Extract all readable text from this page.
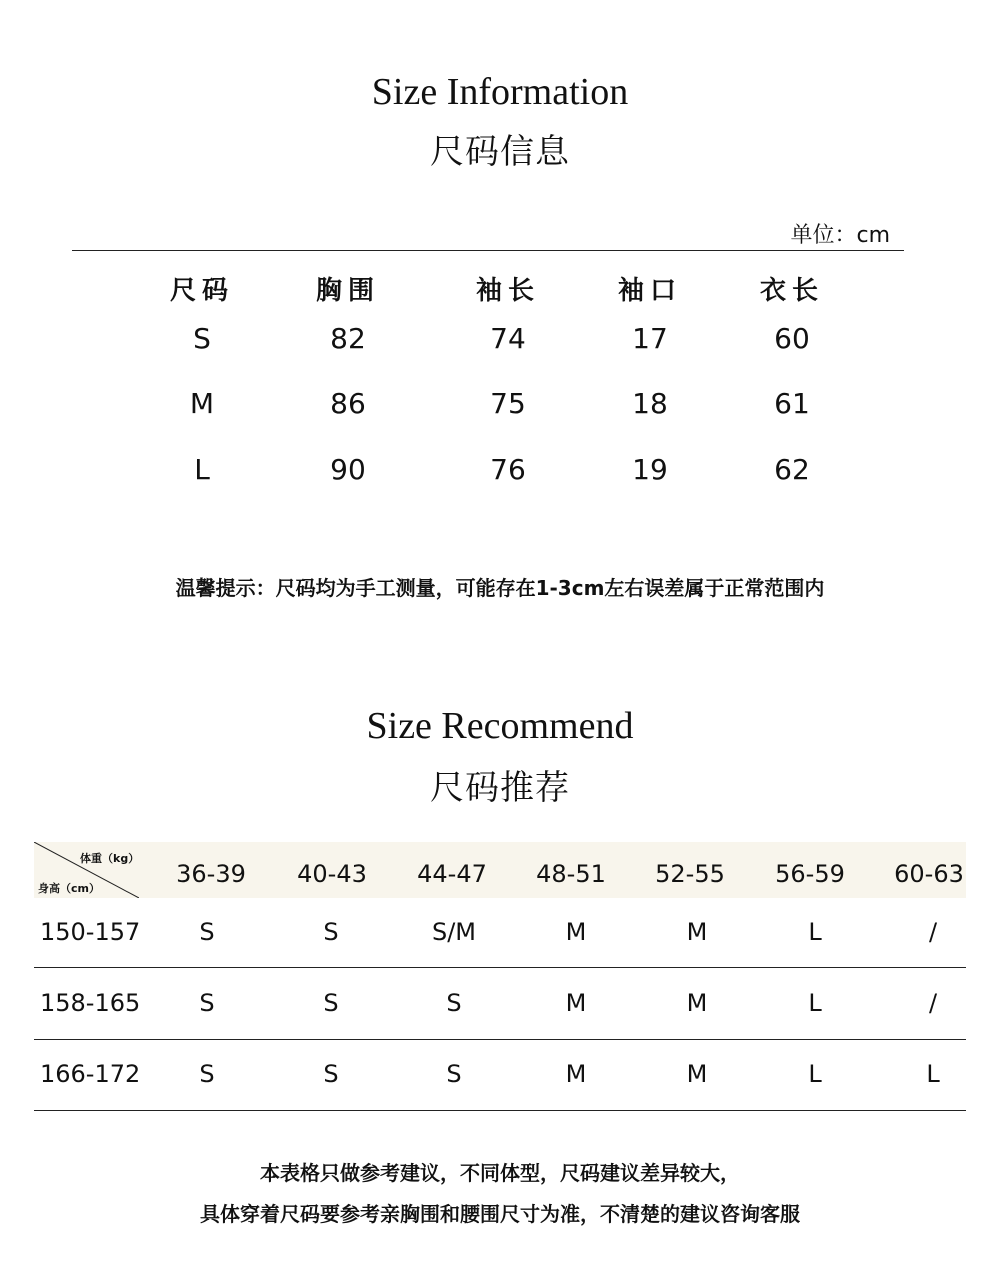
Size Information
尺码信息
单位：cm
尺码	胸围	袖长	袖口	衣长
S	82	74	17	60
M	86	75	18	61
L	90	76	19	62
温馨提示：尺码均为手工测量，可能存在1-3cm左右误差属于正常范围内
Size Recommend
尺码推荐
体重（kg）
身高（cm）
36-39	40-43	44-47	48-51	52-55	56-59	60-63
150-157	S	S	S/M	M	M	L	/
158-165	S	S	S	M	M	L	/
166-172	S	S	S	M	M	L	L
本表格只做参考建议，不同体型，尺码建议差异较大，
具体穿着尺码要参考亲胸围和腰围尺寸为准，不清楚的建议咨询客服
